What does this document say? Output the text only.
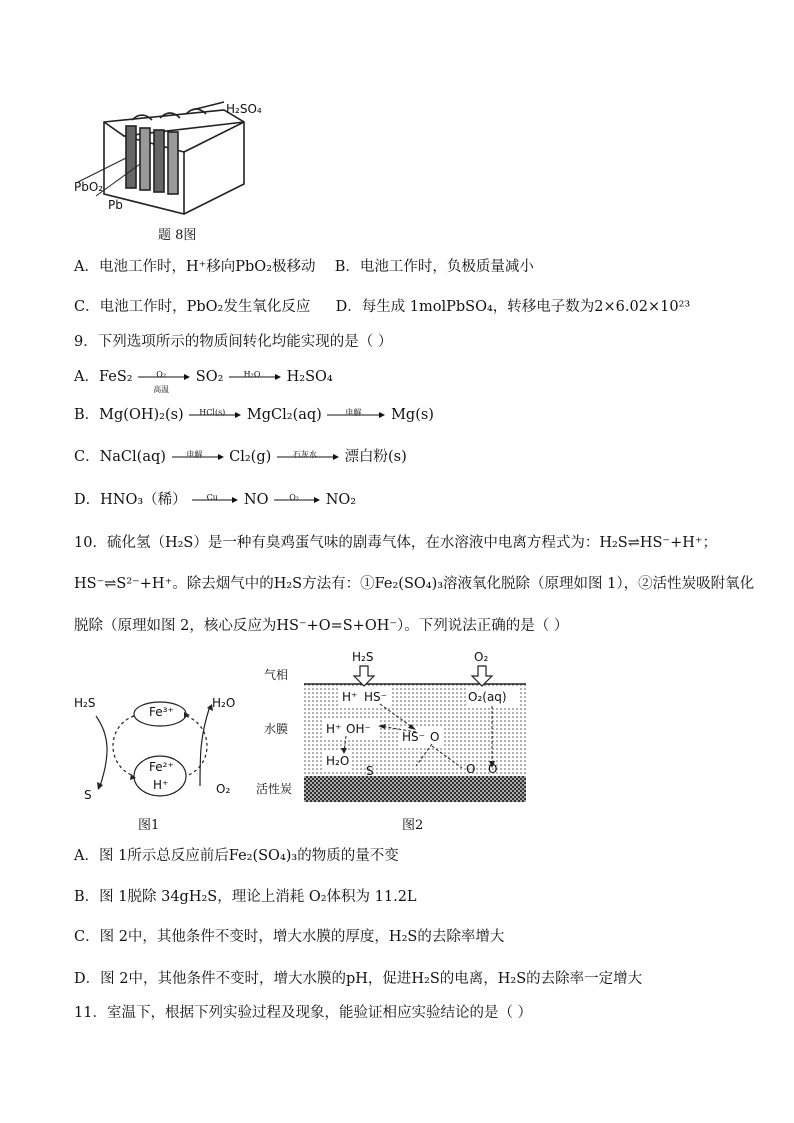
H₂SO₄
PbO₂
Pb
题 8图
A．电池工作时，H⁺移向PbO₂极移动 B．电池工作时，负极质量减小
C．电池工作时，PbO₂发生氧化反应 D．每生成 1molPbSO₄，转移电子数为2×6.02×10²³
9．下列选项所示的物质间转化均能实现的是（ ）
A．FeS₂	O₂
高温
SO₂	H₂O	H₂SO₄
B．Mg(OH)₂(s)	HCl(s)	MgCl₂(aq)	电解	Mg(s)
C．NaCl(aq)	电解	Cl₂(g)	石灰水	漂白粉(s)
D．HNO₃（稀）	Cu	NO	O₂	NO₂
10．硫化氢（H₂S）是一种有臭鸡蛋气味的剧毒气体，在水溶液中电离方程式为：H₂S⇌HS⁻+H⁺；
HS⁻⇌S²⁻+H⁺。除去烟气中的H₂S方法有：①Fe₂(SO₄)₃溶液氧化脱除（原理如图 1），②活性炭吸附氧化
脱除（原理如图 2，核心反应为HS⁻+O=S+OH⁻）。下列说法正确的是（ ）
H₂S	H₂O
Fe³⁺
Fe²⁺
H⁺
S	O₂
图1
气相
水膜
活性炭
H₂S	O₂
H⁺ HS⁻
H⁺ OH⁻
HS⁻ O
H₂O
S
O₂(aq)
O O
图2
A．图 1所示总反应前后Fe₂(SO₄)₃的物质的量不变
B．图 1脱除 34gH₂S，理论上消耗 O₂体积为 11.2L
C．图 2中，其他条件不变时，增大水膜的厚度，H₂S的去除率增大
D．图 2中，其他条件不变时，增大水膜的pH，促进H₂S的电离，H₂S的去除率一定增大
11．室温下，根据下列实验过程及现象，能验证相应实验结论的是（ ）
